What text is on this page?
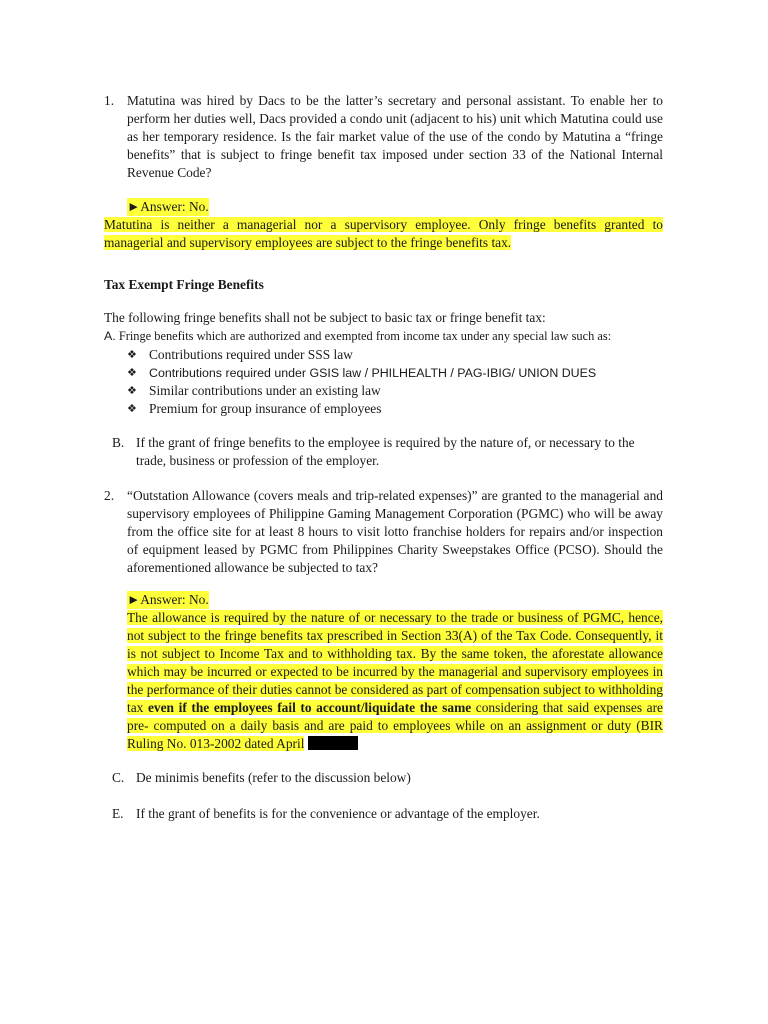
1. Matutina was hired by Dacs to be the latter’s secretary and personal assistant. To enable her to perform her duties well, Dacs provided a condo unit (adjacent to his) unit which Matutina could use as her temporary residence. Is the fair market value of the use of the condo by Matutina a “fringe benefits” that is subject to fringe benefit tax imposed under section 33 of the National Internal Revenue Code?
►Answer: No.
Matutina is neither a managerial nor a supervisory employee. Only fringe benefits granted to managerial and supervisory employees are subject to the fringe benefits tax.
Tax Exempt Fringe Benefits
The following fringe benefits shall not be subject to basic tax or fringe benefit tax:
A. Fringe benefits which are authorized and exempted from income tax under any special law such as:
❖ Contributions required under SSS law
❖ Contributions required under GSIS law / PHILHEALTH / PAG-IBIG/ UNION DUES
❖ Similar contributions under an existing law
❖ Premium for group insurance of employees
B. If the grant of fringe benefits to the employee is required by the nature of, or necessary to the trade, business or profession of the employer.
2. “Outstation Allowance (covers meals and trip-related expenses)” are granted to the managerial and supervisory employees of Philippine Gaming Management Corporation (PGMC) who will be away from the office site for at least 8 hours to visit lotto franchise holders for repairs and/or inspection of equipment leased by PGMC from Philippines Charity Sweepstakes Office (PCSO). Should the aforementioned allowance be subjected to tax?
►Answer: No.
The allowance is required by the nature of or necessary to the trade or business of PGMC, hence, not subject to the fringe benefits tax prescribed in Section 33(A) of the Tax Code. Consequently, it is not subject to Income Tax and to withholding tax. By the same token, the aforestate allowance which may be incurred or expected to be incurred by the managerial and supervisory employees in the performance of their duties cannot be considered as part of compensation subject to withholding tax even if the employees fail to account/liquidate the same considering that said expenses are pre- computed on a daily basis and are paid to employees while on an assignment or duty (BIR Ruling No. 013-2002 dated April
C. De minimis benefits (refer to the discussion below)
E. If the grant of benefits is for the convenience or advantage of the employer.
